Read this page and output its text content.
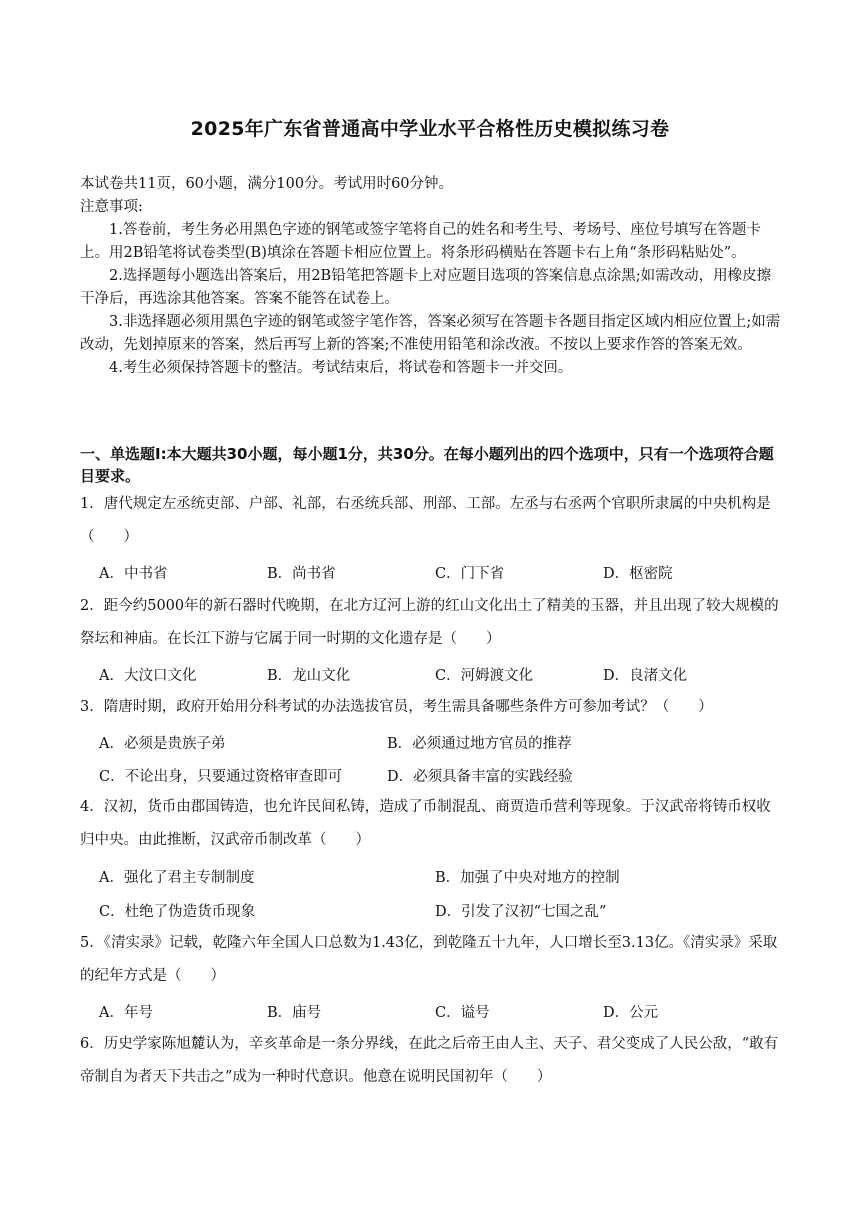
2025年广东省普通高中学业水平合格性历史模拟练习卷

本试卷共11页，60小题，满分100分。考试用时60分钟。

注意事项:

1.答卷前，考生务必用黑色字迹的钢笔或签字笔将自己的姓名和考生号、考场号、座位号填写在答题卡上。用2B铅笔将试卷类型(B)填涂在答题卡相应位置上。将条形码横贴在答题卡右上角“条形码粘贴处”。

2.选择题每小题选出答案后，用2B铅笔把答题卡上对应题目选项的答案信息点涂黑;如需改动，用橡皮擦干净后，再选涂其他答案。答案不能答在试卷上。

3.非选择题必须用黑色字迹的钢笔或签字笔作答，答案必须写在答题卡各题目指定区域内相应位置上;如需改动，先划掉原来的答案，然后再写上新的答案;不准使用铅笔和涂改液。不按以上要求作答的答案无效。

4.考生必须保持答题卡的整洁。考试结束后，将试卷和答题卡一并交回。

一、单选题Ⅰ:本大题共30小题，每小题1分，共30分。在每小题列出的四个选项中，只有一个选项符合题目要求。
1．唐代规定左丞统吏部、户部、礼部，右丞统兵部、刑部、工部。左丞与右丞两个官职所隶属的中央机构是（　　）
A．中书省	B．尚书省	C．门下省	D．枢密院
2．距今约5000年的新石器时代晚期，在北方辽河上游的红山文化出土了精美的玉器，并且出现了较大规模的祭坛和神庙。在长江下游与它属于同一时期的文化遗存是（　　）
A．大汶口文化	B．龙山文化	C．河姆渡文化	D．良渚文化
3．隋唐时期，政府开始用分科考试的办法选拔官员，考生需具备哪些条件方可参加考试？（　　）
A．必须是贵族子弟	B．必须通过地方官员的推荐
C．不论出身，只要通过资格审查即可	D．必须具备丰富的实践经验
4．汉初，货币由郡国铸造，也允许民间私铸，造成了币制混乱、商贾造币营利等现象。于汉武帝将铸币权收归中央。由此推断，汉武帝币制改革（　　）
A．强化了君主专制制度	B．加强了中央对地方的控制
C．杜绝了伪造货币现象	D．引发了汉初“七国之乱”
5．《清实录》记载，乾隆六年全国人口总数为1.43亿，到乾隆五十九年，人口增长至3.13亿。《清实录》采取的纪年方式是（　　）
A．年号	B．庙号	C．谥号	D．公元
6．历史学家陈旭麓认为，辛亥革命是一条分界线，在此之后帝王由人主、天子、君父变成了人民公敌，“敢有帝制自为者天下共击之”成为一种时代意识。他意在说明民国初年（　　）
